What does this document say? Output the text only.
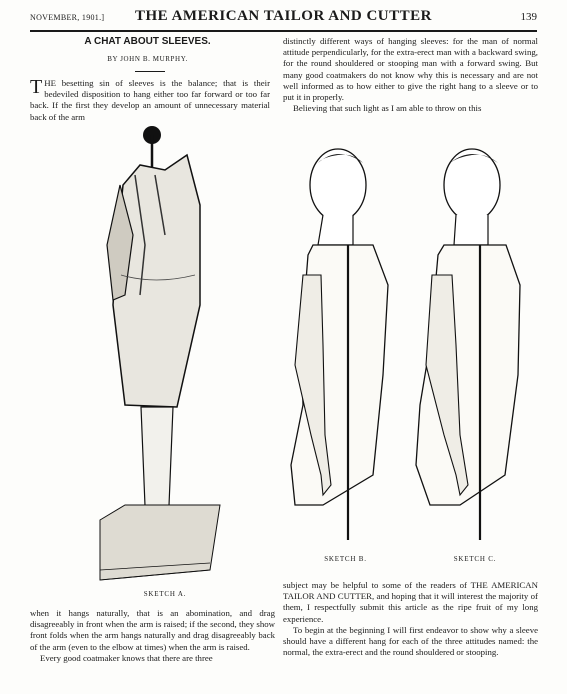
NOVEMBER, 1901.]	THE AMERICAN TAILOR AND CUTTER	139
A CHAT ABOUT SLEEVES.
BY JOHN B. MURPHY.

THE besetting sin of sleeves is the balance; that is their bedeviled disposition to hang either too far forward or too far back. If the first they develop an amount of unnecessary material back of the arm

distinctly different ways of hanging sleeves: for the man of normal attitude perpendicularly, for the extra-erect man with a backward swing, for the round shouldered or stooping man with a forward swing. But many good coatmakers do not know why this is necessary and are not well informed as to how either to give the right hang to a sleeve or to put it in properly.

Believing that such light as I am able to throw on this

SKETCH A.
SKETCH B.	SKETCH C.

when it hangs naturally, that is an abomination, and drag disagreeably in front when the arm is raised; if the second, they show front folds when the arm hangs naturally and drag disagreeably back of the arm (even to the elbow at times) when the arm is raised.

Every good coatmaker knows that there are three

subject may be helpful to some of the readers of THE AMERICAN TAILOR AND CUTTER, and hoping that it will interest the majority of them, I respectfully submit this article as the ripe fruit of my long experience.

To begin at the beginning I will first endeavor to show why a sleeve should have a different hang for each of the three attitudes named: the normal, the extra-erect and the round shouldered or stooping.
